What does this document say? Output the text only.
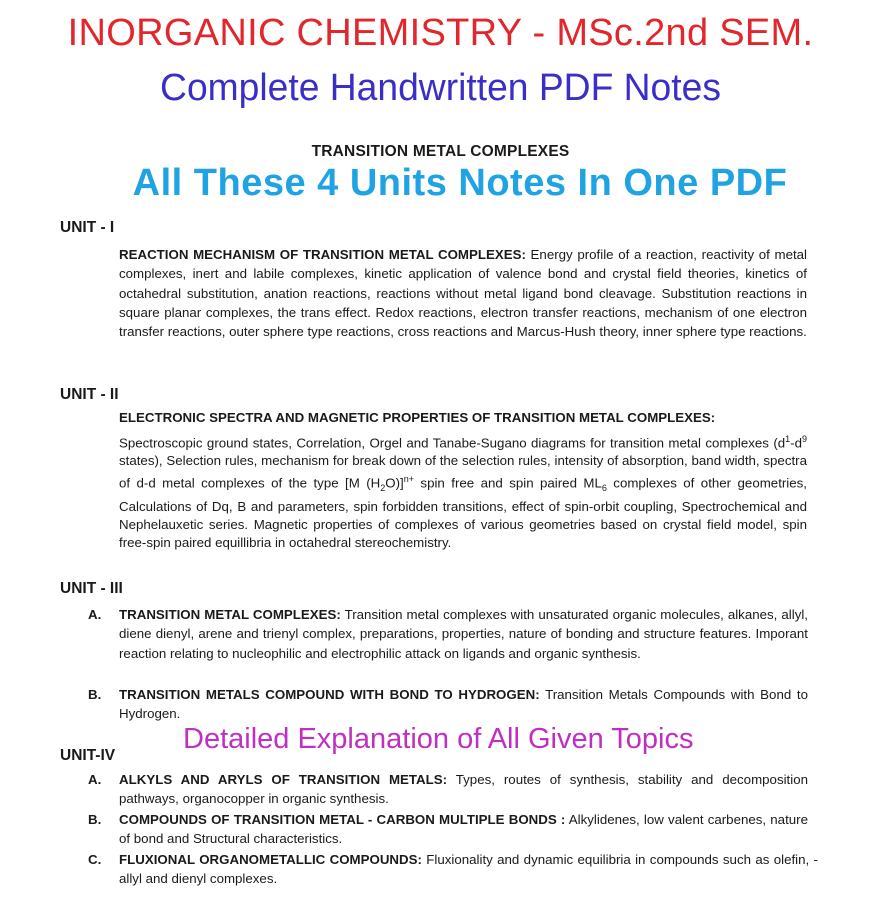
INORGANIC CHEMISTRY - MSc.2nd SEM.
Complete Handwritten PDF Notes
TRANSITION METAL COMPLEXES
All These 4 Units Notes In One PDF
UNIT - I
REACTION MECHANISM OF TRANSITION METAL COMPLEXES: Energy profile of a reaction, reactivity of metal complexes, inert and labile complexes, kinetic application of valence bond and crystal field theories, kinetics of octahedral substitution, anation reactions, reactions without metal ligand bond cleavage. Substitution reactions in square planar complexes, the trans effect. Redox reactions, electron transfer reactions, mechanism of one electron transfer reactions, outer sphere type reactions, cross reactions and Marcus-Hush theory, inner sphere type reactions.
UNIT - II
ELECTRONIC SPECTRA AND MAGNETIC PROPERTIES OF TRANSITION METAL COMPLEXES:
Spectroscopic ground states, Correlation, Orgel and Tanabe-Sugano diagrams for transition metal complexes ($d^1-d^9$ states), Selection rules, mechanism for break down of the selection rules, intensity of absorption, band width, spectra of d-d metal complexes of the type [M $(H_2O)]^{n+}$ spin free and spin paired $ML_6$ complexes of other geometries, Calculations of Dq, B and parameters, spin forbidden transitions, effect of spin-orbit coupling, Spectrochemical and Nephelauxetic series. Magnetic properties of complexes of various geometries based on crystal field model, spin free-spin paired equillibria in octahedral stereochemistry.
UNIT - III
A. TRANSITION METAL COMPLEXES: Transition metal complexes with unsaturated organic molecules, alkanes, allyl, diene dienyl, arene and trienyl complex, preparations, properties, nature of bonding and structure features. Imporant reaction relating to nucleophilic and electrophilic attack on ligands and organic synthesis.
B. TRANSITION METALS COMPOUND WITH BOND TO HYDROGEN: Transition Metals Compounds with Bond to Hydrogen.
Detailed Explanation of All Given Topics
UNIT-IV
A. ALKYLS AND ARYLS OF TRANSITION METALS: Types, routes of synthesis, stability and decomposition pathways, organocopper in organic synthesis.
B. COMPOUNDS OF TRANSITION METAL - CARBON MULTIPLE BONDS : Alkylidenes, low valent carbenes, nature of bond and Structural characteristics.
C. FLUXIONAL ORGANOMETALLIC COMPOUNDS: Fluxionality and dynamic equilibria in compounds such as olefin, -allyl and dienyl complexes.
